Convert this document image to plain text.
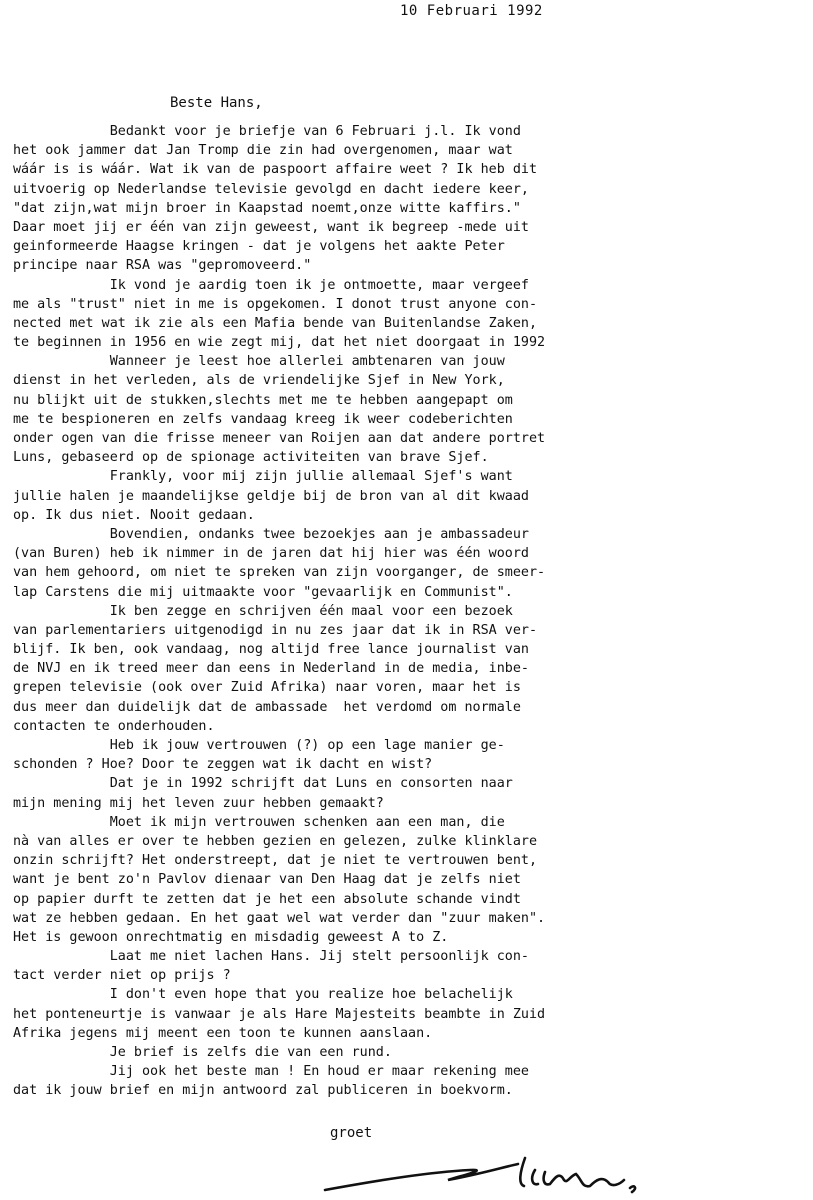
10 Februari 1992
Beste Hans,
Bedankt voor je briefje van 6 Februari j.l. Ik vond
het ook jammer dat Jan Tromp die zin had overgenomen, maar wat
wáár is is wáár. Wat ik van de paspoort affaire weet ? Ik heb dit
uitvoerig op Nederlandse televisie gevolgd en dacht iedere keer,
"dat zijn,wat mijn broer in Kaapstad noemt,onze witte kaffirs."
Daar moet jij er één van zijn geweest, want ik begreep -mede uit
geinformeerde Haagse kringen - dat je volgens het aakte Peter
principe naar RSA was "gepromoveerd."
Ik vond je aardig toen ik je ontmoette, maar vergeef
me als "trust" niet in me is opgekomen. I donot trust anyone con-
nected met wat ik zie als een Mafia bende van Buitenlandse Zaken,
te beginnen in 1956 en wie zegt mij, dat het niet doorgaat in 1992
Wanneer je leest hoe allerlei ambtenaren van jouw
dienst in het verleden, als de vriendelijke Sjef in New York,
nu blijkt uit de stukken,slechts met me te hebben aangepapt om
me te bespioneren en zelfs vandaag kreeg ik weer codeberichten
onder ogen van die frisse meneer van Roijen aan dat andere portret
Luns, gebaseerd op de spionage activiteiten van brave Sjef.
Frankly, voor mij zijn jullie allemaal Sjef's want
jullie halen je maandelijkse geldje bij de bron van al dit kwaad
op. Ik dus niet. Nooit gedaan.
Bovendien, ondanks twee bezoekjes aan je ambassadeur
(van Buren) heb ik nimmer in de jaren dat hij hier was één woord
van hem gehoord, om niet te spreken van zijn voorganger, de smeer-
lap Carstens die mij uitmaakte voor "gevaarlijk en Communist".
Ik ben zegge en schrijven één maal voor een bezoek
van parlementariers uitgenodigd in nu zes jaar dat ik in RSA ver-
blijf. Ik ben, ook vandaag, nog altijd free lance journalist van
de NVJ en ik treed meer dan eens in Nederland in de media, inbe-
grepen televisie (ook over Zuid Afrika) naar voren, maar het is
dus meer dan duidelijk dat de ambassade  het verdomd om normale
contacten te onderhouden.
Heb ik jouw vertrouwen (?) op een lage manier ge-
schonden ? Hoe? Door te zeggen wat ik dacht en wist?
Dat je in 1992 schrijft dat Luns en consorten naar
mijn mening mij het leven zuur hebben gemaakt?
Moet ik mijn vertrouwen schenken aan een man, die
nà van alles er over te hebben gezien en gelezen, zulke klinklare
onzin schrijft? Het onderstreept, dat je niet te vertrouwen bent,
want je bent zo'n Pavlov dienaar van Den Haag dat je zelfs niet
op papier durft te zetten dat je het een absolute schande vindt
wat ze hebben gedaan. En het gaat wel wat verder dan "zuur maken".
Het is gewoon onrechtmatig en misdadig geweest A to Z.
Laat me niet lachen Hans. Jij stelt persoonlijk con-
tact verder niet op prijs ?
I don't even hope that you realize hoe belachelijk
het ponteneurtje is vanwaar je als Hare Majesteits beambte in Zuid
Afrika jegens mij meent een toon te kunnen aanslaan.
Je brief is zelfs die van een rund.
Jij ook het beste man ! En houd er maar rekening mee
dat ik jouw brief en mijn antwoord zal publiceren in boekvorm.
groet
